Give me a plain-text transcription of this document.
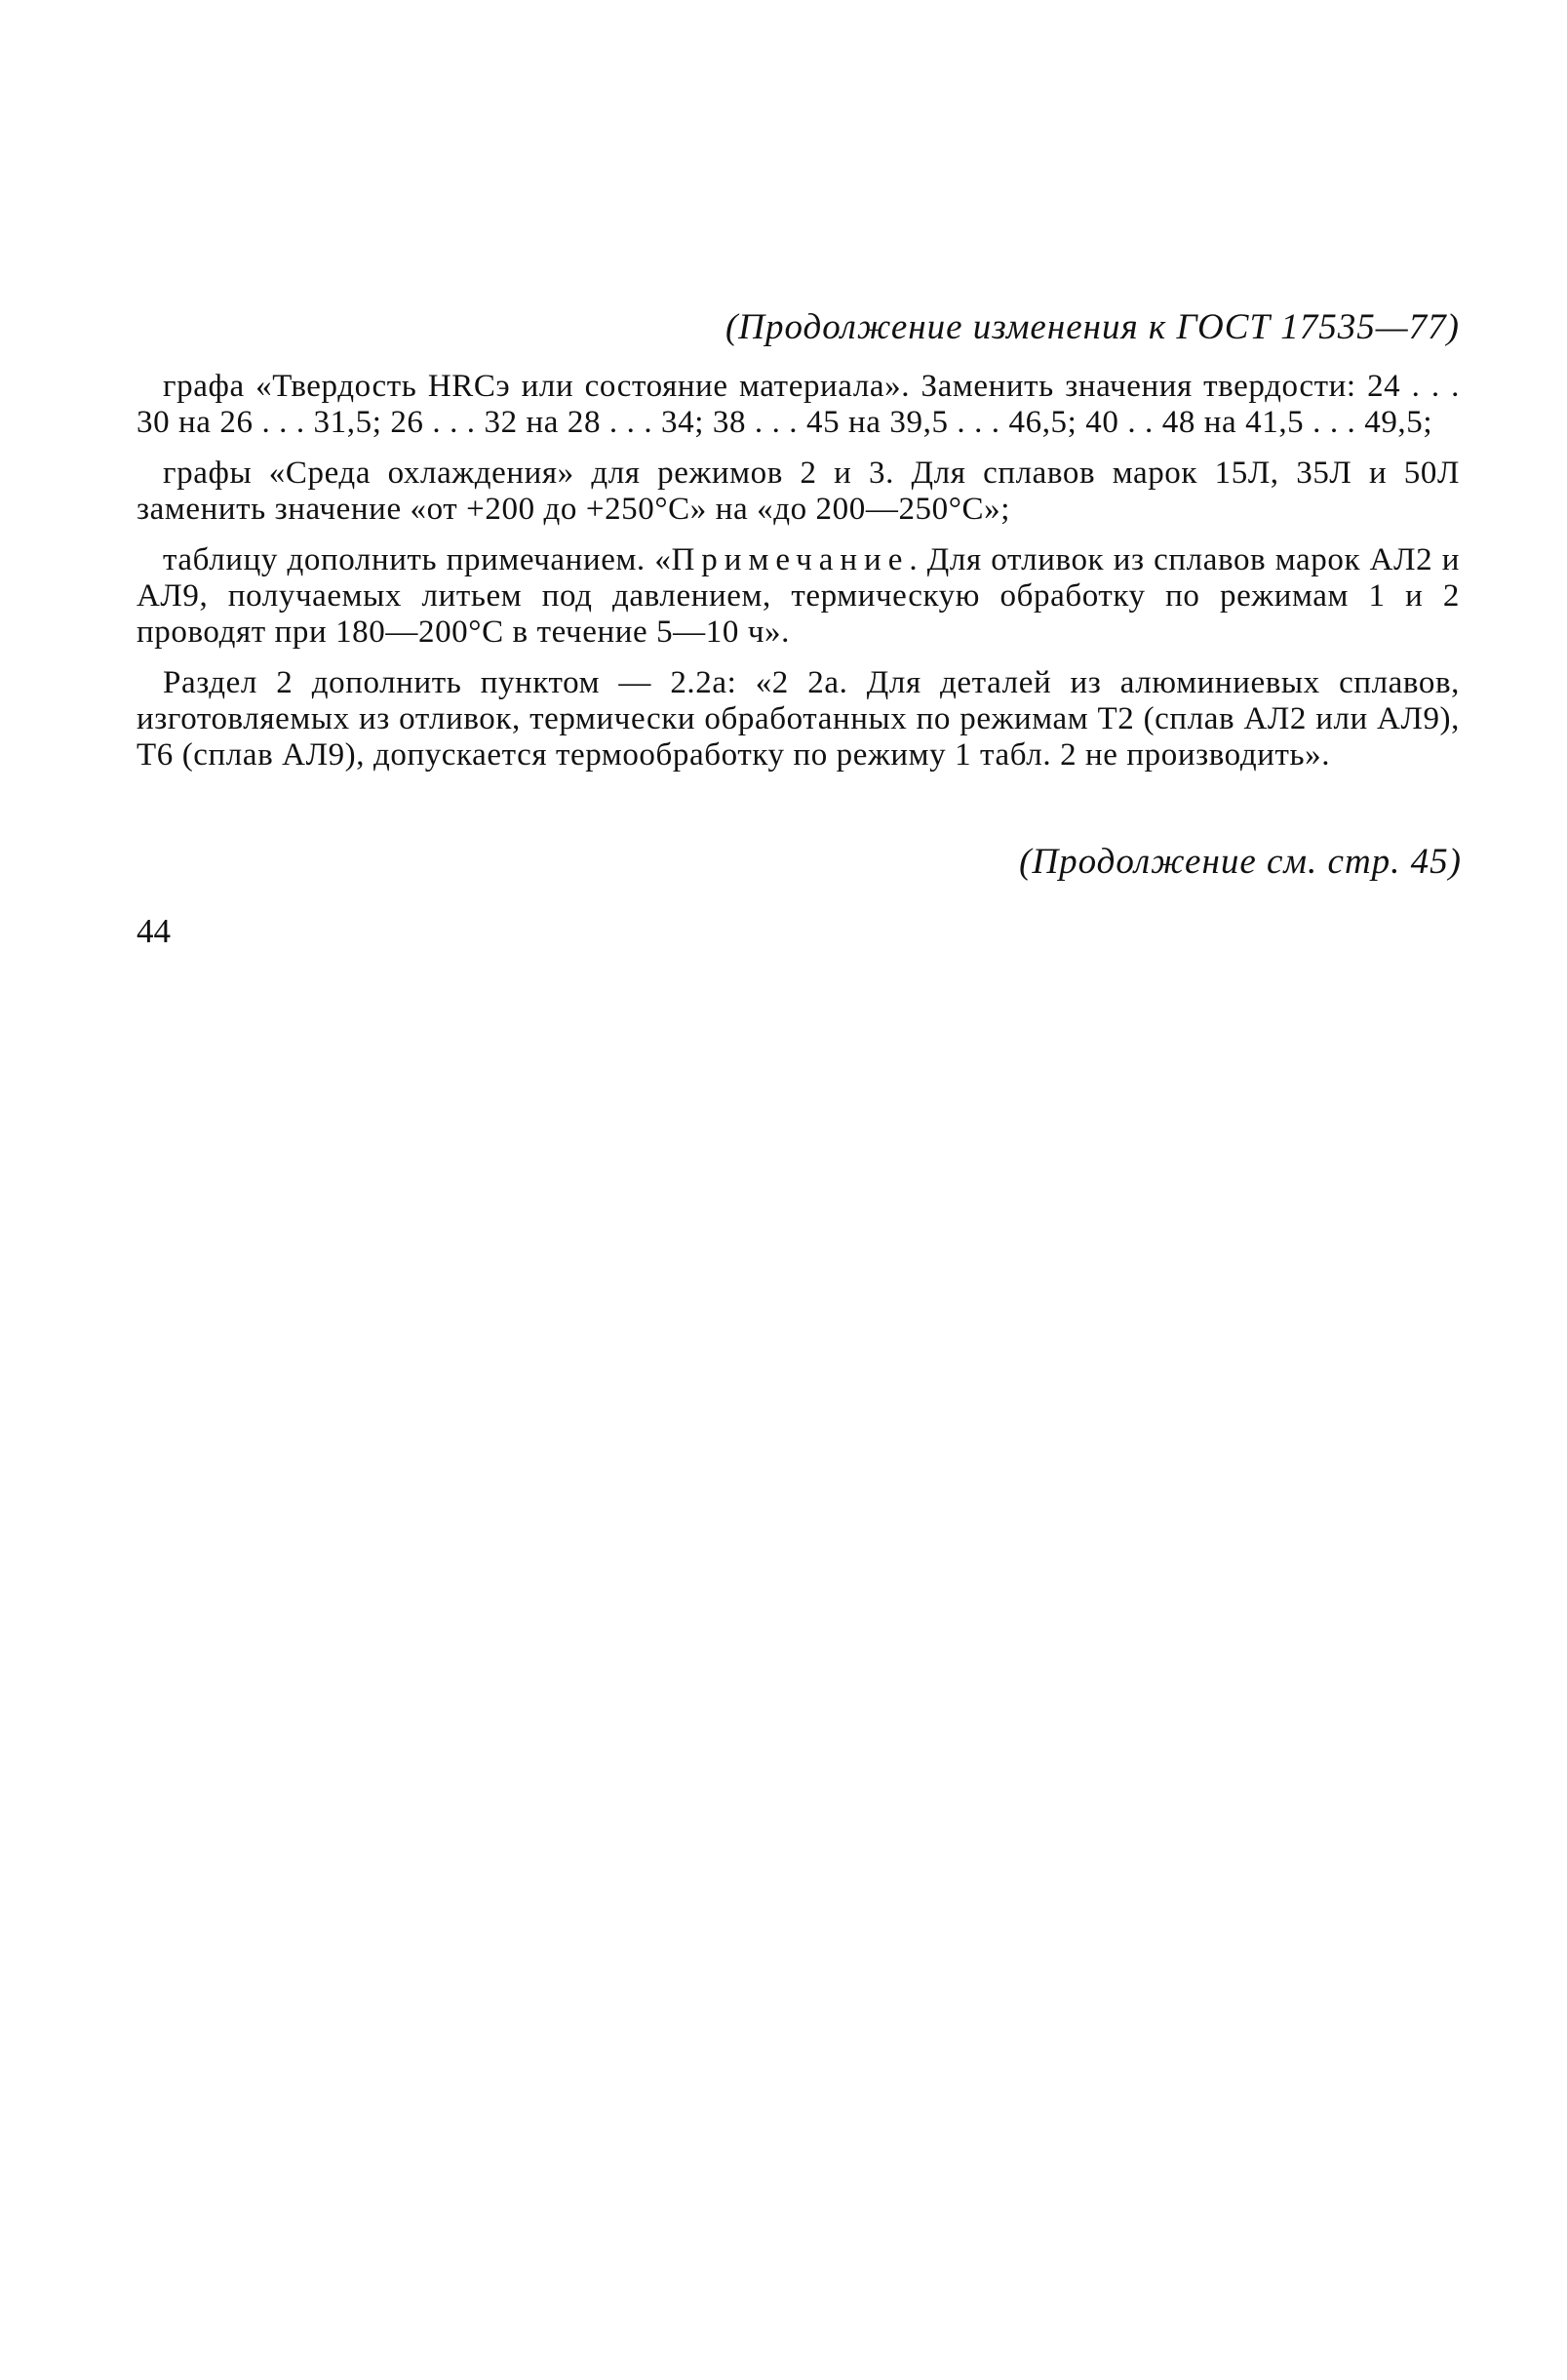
(Продолжение изменения к ГОСТ 17535—77)

графа «Твердость HRCэ или состояние материала». Заменить значения твердости: 24 . . . 30 на 26 . . . 31,5; 26 . . . 32 на 28 . . . 34; 38 . . . 45 на 39,5 . . . 46,5; 40 . . 48 на 41,5 . . . 49,5;

графы «Среда охлаждения» для режимов 2 и 3. Для сплавов марок 15Л, 35Л и 50Л заменить значение «от +200 до +250°С» на «до 200—250°С»;

таблицу дополнить примечанием. «Примечание. Для отливок из сплавов марок АЛ2 и АЛ9, получаемых литьем под давлением, термическую обработку по режимам 1 и 2 проводят при 180—200°С в течение 5—10 ч».

Раздел 2 дополнить пунктом — 2.2а: «2 2а. Для деталей из алюминиевых сплавов, изготовляемых из отливок, термически обработанных по режимам Т2 (сплав АЛ2 или АЛ9), Т6 (сплав АЛ9), допускается термообработку по режиму 1 табл. 2 не производить».

(Продолжение см. стр. 45)
44
